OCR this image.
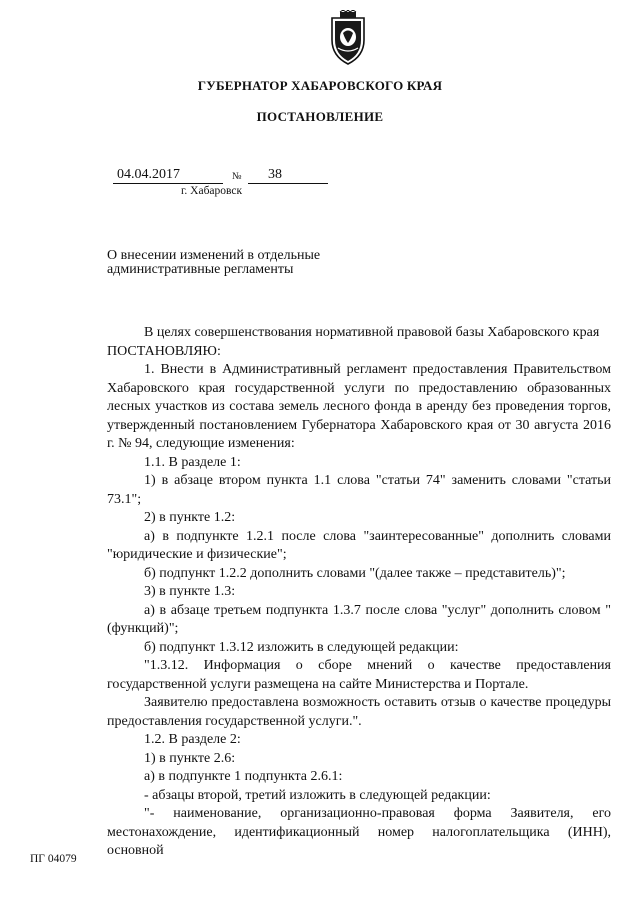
ГУБЕРНАТОР ХАБАРОВСКОГО КРАЯ
ПОСТАНОВЛЕНИЕ
04.04.2017	№	38
г. Хабаровск
О внесении изменений в отдельные
административные регламенты

В целях совершенствования нормативной правовой базы Хабаровского края

ПОСТАНОВЛЯЮ:

1. Внести в Административный регламент предоставления Правительством Хабаровского края государственной услуги по предоставлению образованных лесных участков из состава земель лесного фонда в аренду без проведения торгов, утвержденный постановлением Губернатора Хабаровского края от 30 августа 2016 г. № 94, следующие изменения:

1.1. В разделе 1:

1) в абзаце втором пункта 1.1 слова "статьи 74" заменить словами "статьи 73.1";

2) в пункте 1.2:

а) в подпункте 1.2.1 после слова "заинтересованные" дополнить словами "юридические и физические";

б) подпункт 1.2.2 дополнить словами "(далее также – представитель)";

3) в пункте 1.3:

а) в абзаце третьем подпункта 1.3.7 после слова "услуг" дополнить словом "(функций)";

б) подпункт 1.3.12 изложить в следующей редакции:

"1.3.12. Информация о сборе мнений о качестве предоставления государственной услуги размещена на сайте Министерства и Портале.

Заявителю предоставлена возможность оставить отзыв о качестве процедуры предоставления государственной услуги.".

1.2. В разделе 2:

1) в пункте 2.6:

а) в подпункте 1 подпункта 2.6.1:

- абзацы второй, третий изложить в следующей редакции:

"- наименование, организационно-правовая форма Заявителя, его местонахождение, идентификационный номер налогоплательщика (ИНН), основной

ПГ 04079
